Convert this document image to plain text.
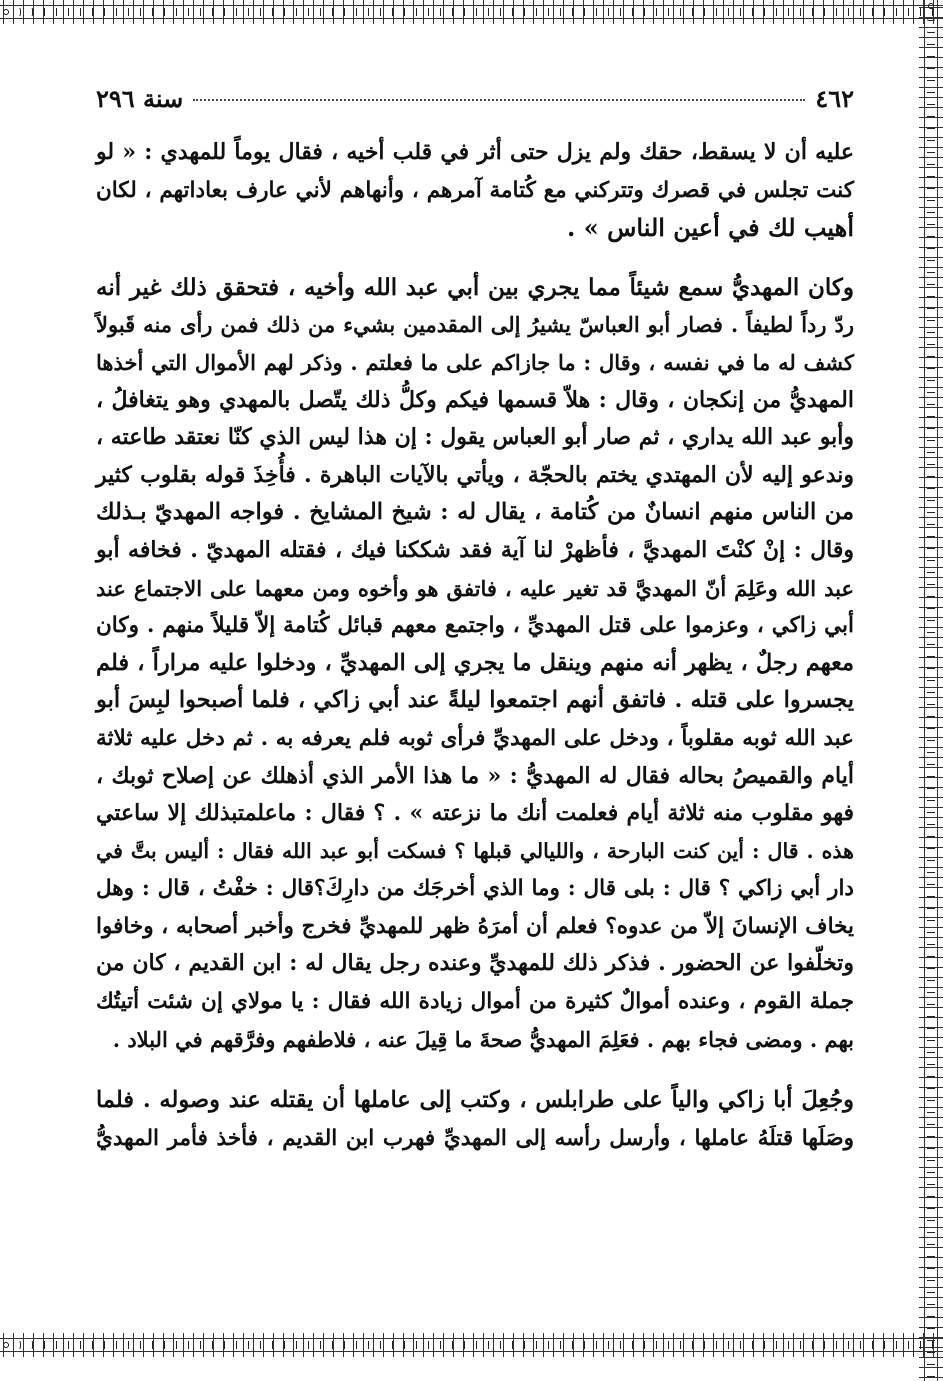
٤٦٢
سنة ٢٩٦

عليه أن لا يسقط، حقك ولم يزل حتى أثر في قلب أخيه ، فقال يوماً للمهدي : « لو
كنت تجلس في قصرك وتتركني مع كُتامة آمرهم ، وأنهاهم لأني عارف بعاداتهم ، لكان
أهيب لك في أعين الناس » .

وكان المهديُّ سمع شيئاً مما يجري بين أبي عبد الله وأخيه ، فتحقق ذلك غير أنه
ردّ رداً لطيفاً . فصار أبو العباسّ يشيرُ إلى المقدمين بشيء من ذلك فمن رأى منه قَبولاً
كشف له ما في نفسه ، وقال : ما جازاكم على ما فعلتم . وذكر لهم الأموال التي أخذها
المهديُّ من إنكجان ، وقال : هلاّ قسمها فيكم وكلُّ ذلك يتّصل بالمهدي وهو يتغافلُ ،
وأبو عبد الله يداري ، ثم صار أبو العباس يقول : إن هذا ليس الذي كنّا نعتقد طاعته ،
وندعو إليه لأن المهتدي يختم بالحجّة ، ويأتي بالآيات الباهرة . فأُخِذَ قوله بقلوب كثير
من الناس منهم انسانٌ من كُتامة ، يقال له : شيخ المشايخ . فواجه المهديّ بـذلك
وقال : إنْ كنْتَ المهديَّ ، فأظهرْ لنا آية فقد شككنا فيك ، فقتله المهديّ . فخافه أبو
عبد الله وعَلِمَ أنّ المهديَّ قد تغير عليه ، فاتفق هو وأخوه ومن معهما على الاجتماع عند
أبي زاكي ، وعزموا على قتل المهديِّ ، واجتمع معهم قبائل كُتامة إلاّ قليلاً منهم . وكان
معهم رجلٌ ، يظهر أنه منهم وينقل ما يجري إلى المهديِّ ، ودخلوا عليه مراراً ، فلم
يجسروا على قتله . فاتفق أنهم اجتمعوا ليلةً عند أبي زاكي ، فلما أصبحوا لبِسَ أبو
عبد الله ثوبه مقلوباً ، ودخل على المهديِّ فرأى ثوبه فلم يعرفه به . ثم دخل عليه ثلاثة
أيام والقميصُ بحاله فقال له المهديُّ : « ما هذا الأمر الذي أذهلك عن إصلاح ثوبك ،
فهو مقلوب منه ثلاثة أيام فعلمت أنك ما نزعته » . ؟ فقال : ماعلمتبذلك إلا ساعتي
هذه . قال : أين كنت البارحة ، والليالي قبلها ؟ فسكت أبو عبد الله فقال : أليس بتَّ في
دار أبي زاكي ؟ قال : بلى قال : وما الذي أخرجَك من دارِكَ؟قال : خفْتُ ، قال : وهل
يخاف الإنسانَ إلاّ من عدوه؟ فعلم أن أمرَهُ ظهر للمهديِّ فخرج وأخبر أصحابه ، وخافوا
وتخلّفوا عن الحضور . فذكر ذلك للمهديِّ وعنده رجل يقال له : ابن القديم ، كان من
جملة القوم ، وعنده أموالٌ كثيرة من أموال زيادة الله فقال : يا مولاي إن شئت أتيتُك
بهم . ومضى فجاء بهم . فعَلِمَ المهديُّ صحةَ ما قِيلَ عنه ، فلاطفهم وفرَّقهم في البلاد .

وجُعِلَ أبا زاكي والياً على طرابلس ، وكتب إلى عاملها أن يقتله عند وصوله . فلما
وصَلَها قتلَهُ عاملها ، وأرسل رأسه إلى المهديِّ فهرب ابن القديم ، فأخذ فأمر المهديُّ
